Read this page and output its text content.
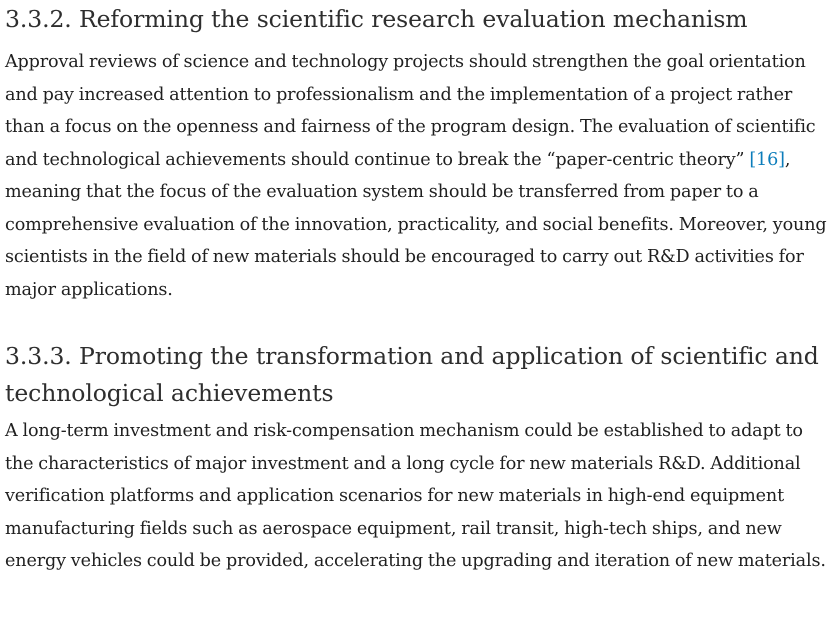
3.3.2. Reforming the scientific research evaluation mechanism

Approval reviews of science and technology projects should strengthen the goal orientation and pay increased attention to professionalism and the implementation of a project rather than a focus on the openness and fairness of the program design. The evaluation of scientific and technological achievements should continue to break the “paper-centric theory” [16], meaning that the focus of the evaluation system should be transferred from paper to a comprehensive evaluation of the innovation, practicality, and social benefits. Moreover, young scientists in the field of new materials should be encouraged to carry out R&D activities for major applications.

3.3.3. Promoting the transformation and application of scientific and technological achievements

A long-term investment and risk-compensation mechanism could be established to adapt to the characteristics of major investment and a long cycle for new materials R&D. Additional verification platforms and application scenarios for new materials in high-end equipment manufacturing fields such as aerospace equipment, rail transit, high-tech ships, and new energy vehicles could be provided, accelerating the upgrading and iteration of new materials.
